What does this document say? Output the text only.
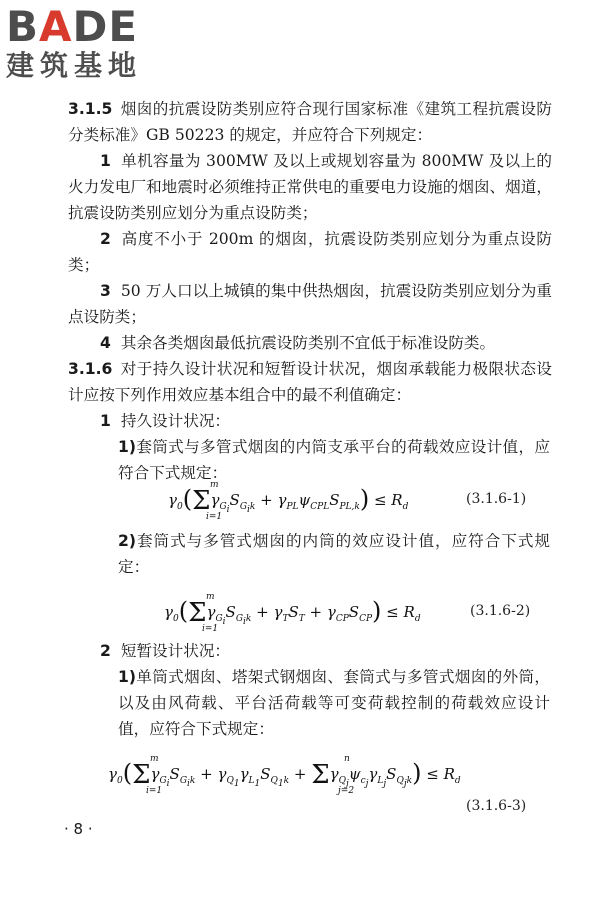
BADE
建筑基地

3.1.5 烟囱的抗震设防类别应符合现行国家标准《建筑工程抗震设防分类标准》GB 50223 的规定，并应符合下列规定：

1 单机容量为 300MW 及以上或规划容量为 800MW 及以上的火力发电厂和地震时必须维持正常供电的重要电力设施的烟囱、烟道，抗震设防类别应划分为重点设防类；

2 高度不小于 200m 的烟囱，抗震设防类别应划分为重点设防类；

3 50 万人口以上城镇的集中供热烟囱，抗震设防类别应划分为重点设防类；

4 其余各类烟囱最低抗震设防类别不宜低于标准设防类。

3.1.6 对于持久设计状况和短暂设计状况，烟囱承载能力极限状态设计应按下列作用效应基本组合中的最不利值确定：

1 持久设计状况：

1)套筒式与多管式烟囱的内筒支承平台的荷载效应设计值，应符合下式规定：

$\gamma_0(\Sigma\gamma_{G_i}S_{G_ik} + \gamma_{PL}\psi_{CPL}S_{PL,k}) \le R_d$
m
i=1
(3.1.6-1)

2)套筒式与多管式烟囱的内筒的效应设计值，应符合下式规定：

$\gamma_0(\Sigma\gamma_{G_i}S_{G_ik} + \gamma_TS_T + \gamma_{CP}S_{CP}) \le R_d$
m
i=1
(3.1.6-2)

2 短暂设计状况：

1)单筒式烟囱、塔架式钢烟囱、套筒式与多管式烟囱的外筒，以及由风荷载、平台活荷载等可变荷载控制的荷载效应设计值，应符合下式规定：

$\gamma_0(\Sigma\gamma_{G_i}S_{G_ik} + \gamma_{Q_1}\gamma_{L_1}S_{Q_1k} + \Sigma\gamma_{Q_j}\psi_{c_j}\gamma_{L_j}S_{Q_jk}) \le R_d$
m
i=1
n
j=2
(3.1.6-3)
· 8 ·
